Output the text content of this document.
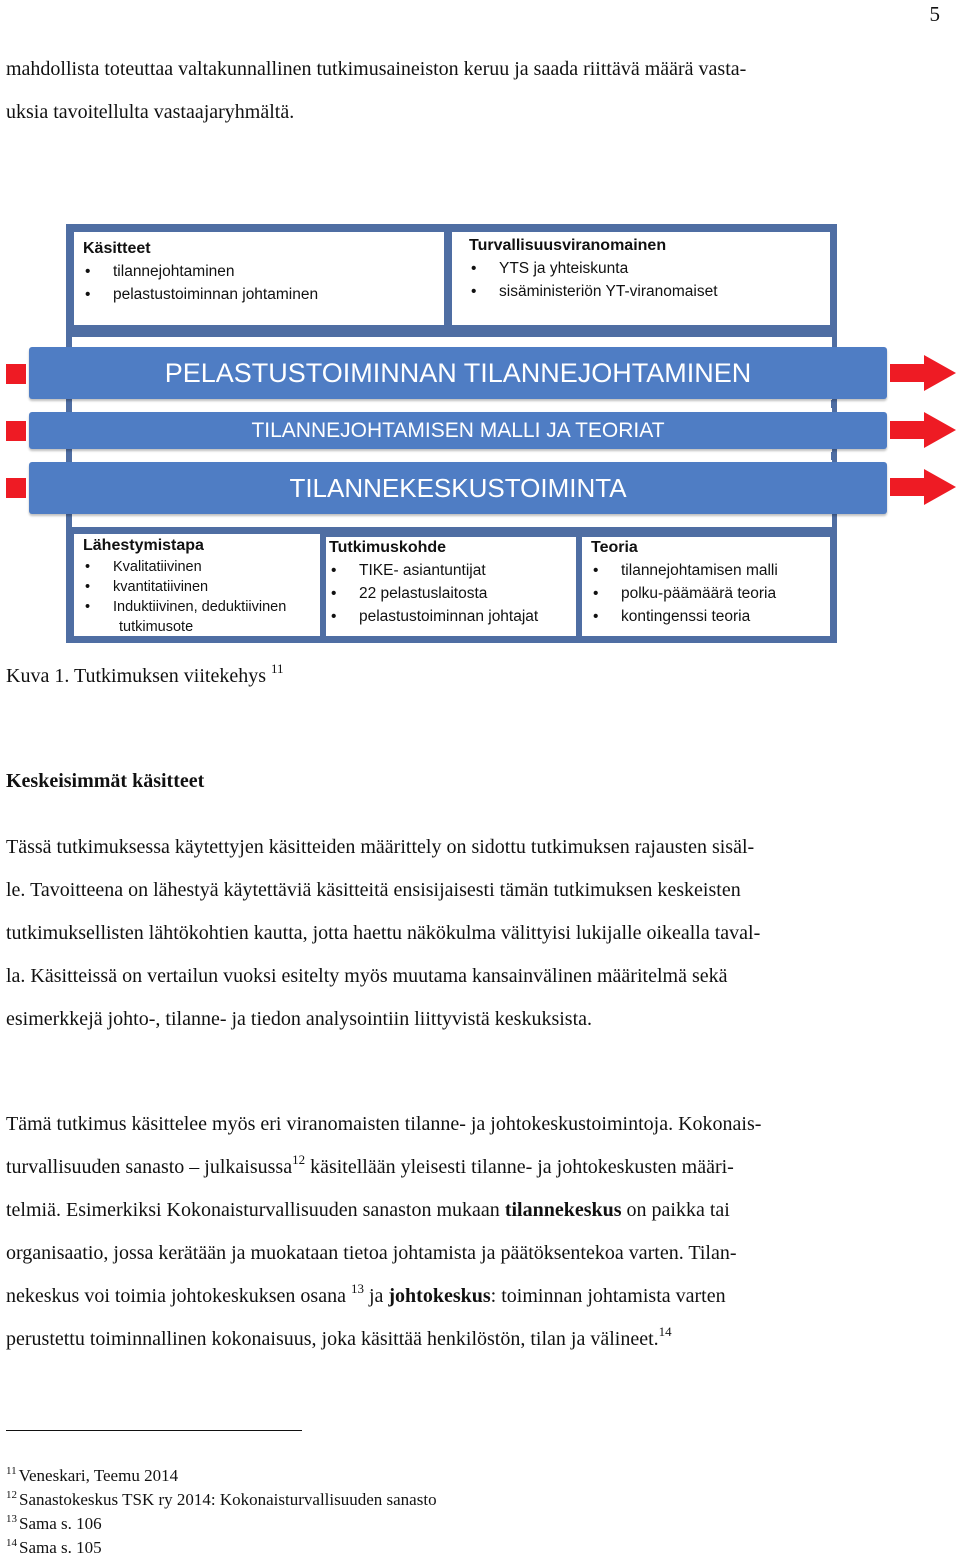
5

mahdollista toteuttaa valtakunnallinen tutkimusaineiston keruu ja saada riittävä määrä vasta-
uksia tavoitellulta vastaajaryhmältä.

Käsitteet
• tilannejohtaminen
• pelastustoiminnan johtaminen
Turvallisuusviranomainen
• YTS ja yhteiskunta
• sisäministeriön YT-viranomaiset
PELASTUSTOIMINNAN TILANNEJOHTAMINEN
TILANNEJOHTAMISEN MALLI JA TEORIAT
TILANNEKESKUSTOIMINTA
Lähestymistapa
• Kvalitatiivinen
• kvantitatiivinen
• Induktiivinen, deduktiivinen
tutkimusote
Tutkimuskohde
• TIKE- asiantuntijat
• 22 pelastuslaitosta
• pelastustoiminnan johtajat
Teoria
• tilannejohtamisen malli
• polku-päämäärä teoria
• kontingenssi teoria
Kuva 1. Tutkimuksen viitekehys $^{11}$
Keskeisimmät käsitteet

Tässä tutkimuksessa käytettyjen käsitteiden määrittely on sidottu tutkimuksen rajausten sisäl-
le. Tavoitteena on lähestyä käytettäviä käsitteitä ensisijaisesti tämän tutkimuksen keskeisten
tutkimuksellisten lähtökohtien kautta, jotta haettu näkökulma välittyisi lukijalle oikealla taval-
la. Käsitteissä on vertailun vuoksi esitelty myös muutama kansainvälinen määritelmä sekä
esimerkkejä johto-, tilanne- ja tiedon analysointiin liittyvistä keskuksista.

Tämä tutkimus käsittelee myös eri viranomaisten tilanne- ja johtokeskustoimintoja. Kokonais-
turvallisuuden sanasto – julkaisussa$^{12}$ käsitellään yleisesti tilanne- ja johtokeskusten määri-
telmiä. Esimerkiksi Kokonaisturvallisuuden sanaston mukaan tilannekeskus on paikka tai
organisaatio, jossa kerätään ja muokataan tietoa johtamista ja päätöksentekoa varten. Tilan-
nekeskus voi toimia johtokeskuksen osana $^{13}$ ja johtokeskus: toiminnan johtamista varten
perustettu toiminnallinen kokonaisuus, joka käsittää henkilöstön, tilan ja välineet.$^{14}$

$^{11}$ Veneskari, Teemu 2014
$^{12}$ Sanastokeskus TSK ry 2014: Kokonaisturvallisuuden sanasto
$^{13}$ Sama s. 106
$^{14}$ Sama s. 105
